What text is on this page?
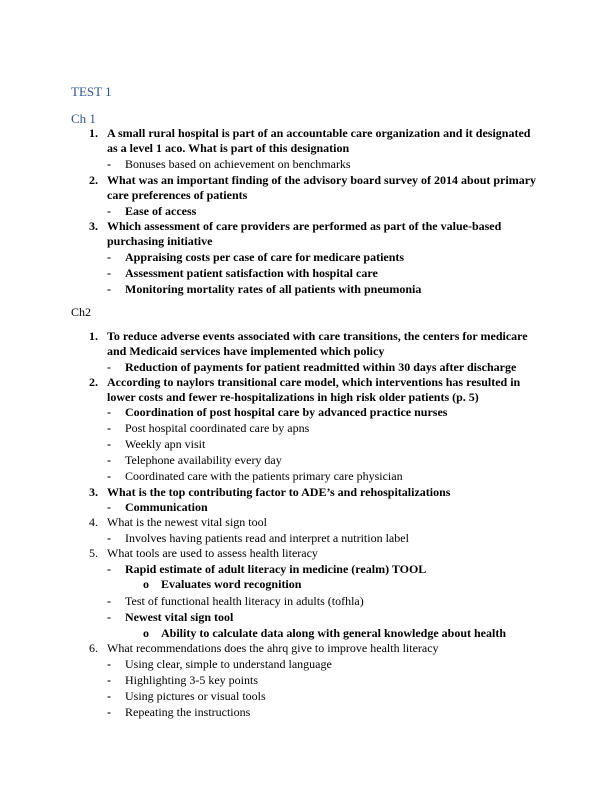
TEST 1
Ch 1
1. A small rural hospital is part of an accountable care organization and it designated
as a level 1 aco. What is part of this designation
- Bonuses based on achievement on benchmarks
2. What was an important finding of the advisory board survey of 2014 about primary
care preferences of patients
- Ease of access
3. Which assessment of care providers are performed as part of the value-based
purchasing initiative
- Appraising costs per case of care for medicare patients
- Assessment patient satisfaction with hospital care
- Monitoring mortality rates of all patients with pneumonia
Ch2
1. To reduce adverse events associated with care transitions, the centers for medicare
and Medicaid services have implemented which policy
- Reduction of payments for patient readmitted within 30 days after discharge
2. According to naylors transitional care model, which interventions has resulted in
lower costs and fewer re-hospitalizations in high risk older patients (p. 5)
- Coordination of post hospital care by advanced practice nurses
- Post hospital coordinated care by apns
- Weekly apn visit
- Telephone availability every day
- Coordinated care with the patients primary care physician
3. What is the top contributing factor to ADE’s and rehospitalizations
- Communication
4. What is the newest vital sign tool
- Involves having patients read and interpret a nutrition label
5. What tools are used to assess health literacy
- Rapid estimate of adult literacy in medicine (realm) TOOL
o Evaluates word recognition
- Test of functional health literacy in adults (tofhla)
- Newest vital sign tool
o Ability to calculate data along with general knowledge about health
6. What recommendations does the ahrq give to improve health literacy
- Using clear, simple to understand language
- Highlighting 3-5 key points
- Using pictures or visual tools
- Repeating the instructions
